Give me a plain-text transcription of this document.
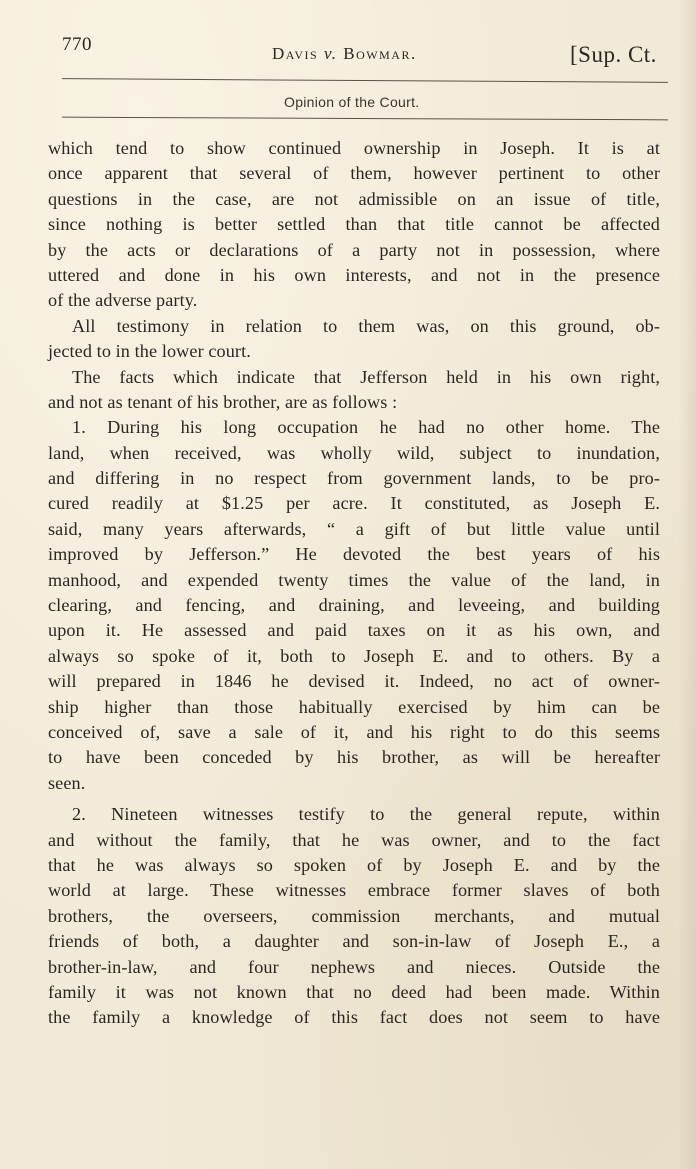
770	Davis v. Bowmar.	[Sup. Ct.
Opinion of the Court.
which tend to show continued ownership in Joseph. It is at
once apparent that several of them, however pertinent to other
questions in the case, are not admissible on an issue of title,
since nothing is better settled than that title cannot be affected
by the acts or declarations of a party not in possession, where
uttered and done in his own interests, and not in the presence
of the adverse party.
All testimony in relation to them was, on this ground, ob-
jected to in the lower court.
The facts which indicate that Jefferson held in his own right,
and not as tenant of his brother, are as follows :
1. During his long occupation he had no other home. The
land, when received, was wholly wild, subject to inundation,
and differing in no respect from government lands, to be pro-
cured readily at $1.25 per acre. It constituted, as Joseph E.
said, many years afterwards, “ a gift of but little value until
improved by Jefferson.” He devoted the best years of his
manhood, and expended twenty times the value of the land, in
clearing, and fencing, and draining, and leveeing, and building
upon it. He assessed and paid taxes on it as his own, and
always so spoke of it, both to Joseph E. and to others. By a
will prepared in 1846 he devised it. Indeed, no act of owner-
ship higher than those habitually exercised by him can be
conceived of, save a sale of it, and his right to do this seems
to have been conceded by his brother, as will be hereafter
seen.
2. Nineteen witnesses testify to the general repute, within
and without the family, that he was owner, and to the fact
that he was always so spoken of by Joseph E. and by the
world at large. These witnesses embrace former slaves of both
brothers, the overseers, commission merchants, and mutual
friends of both, a daughter and son-in-law of Joseph E., a
brother-in-law, and four nephews and nieces. Outside the
family it was not known that no deed had been made. Within
the family a knowledge of this fact does not seem to have
